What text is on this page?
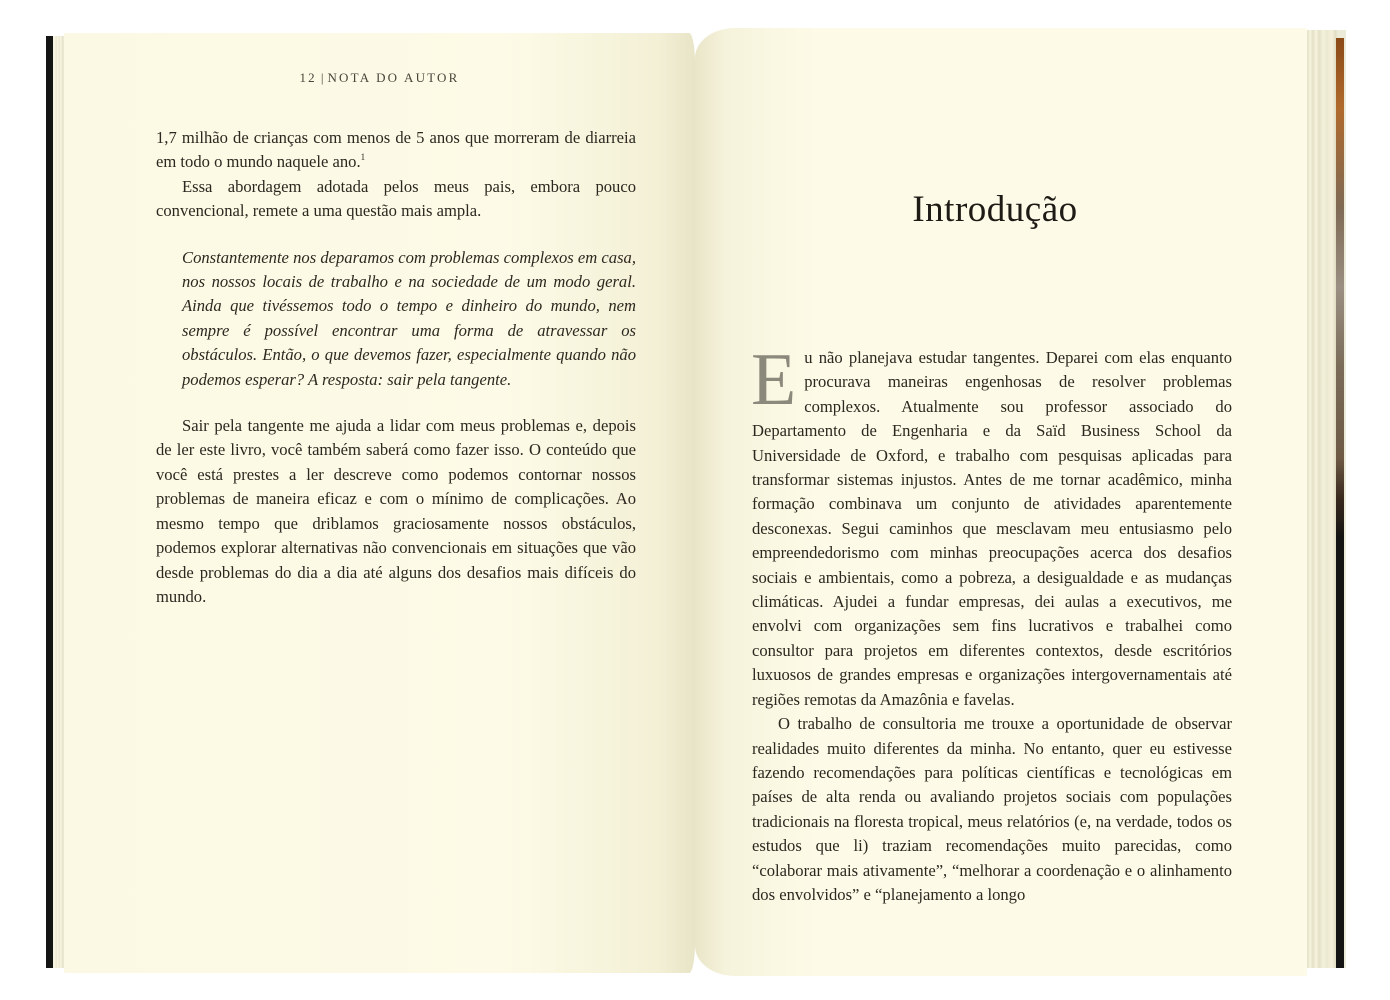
12 | NOTA DO AUTOR

1,7 milhão de crianças com menos de 5 anos que morreram de diarreia em todo o mundo naquele ano.$^1$

Essa abordagem adotada pelos meus pais, embora pouco convencional, remete a uma questão mais ampla.

Constantemente nos deparamos com problemas complexos em casa, nos nossos locais de trabalho e na sociedade de um modo geral. Ainda que tivéssemos todo o tempo e dinheiro do mundo, nem sempre é possível encontrar uma forma de atravessar os obstáculos. Então, o que devemos fazer, especialmente quando não podemos esperar? A resposta: sair pela tangente.

Sair pela tangente me ajuda a lidar com meus problemas e, depois de ler este livro, você também saberá como fazer isso. O conteúdo que você está prestes a ler descreve como podemos contornar nossos problemas de maneira eficaz e com o mínimo de complicações. Ao mesmo tempo que driblamos graciosamente nossos obstáculos, podemos explorar alternativas não convencionais em situações que vão desde problemas do dia a dia até alguns dos desafios mais difíceis do mundo.

Introdução

Eu não planejava estudar tangentes. Deparei com elas enquanto procurava maneiras engenhosas de resolver problemas complexos. Atualmente sou professor associado do Departamento de Engenharia e da Saïd Business School da Universidade de Oxford, e trabalho com pesquisas aplicadas para transformar sistemas injustos. Antes de me tornar acadêmico, minha formação combinava um conjunto de atividades aparentemente desconexas. Segui caminhos que mesclavam meu entusiasmo pelo empreendedorismo com minhas preocupações acerca dos desafios sociais e ambientais, como a pobreza, a desigualdade e as mudanças climáticas. Ajudei a fundar empresas, dei aulas a executivos, me envolvi com organizações sem fins lucrativos e trabalhei como consultor para projetos em diferentes contextos, desde escritórios luxuosos de grandes empresas e organizações intergovernamentais até regiões remotas da Amazônia e favelas.

O trabalho de consultoria me trouxe a oportunidade de observar realidades muito diferentes da minha. No entanto, quer eu estivesse fazendo recomendações para políticas científicas e tecnológicas em países de alta renda ou avaliando projetos sociais com populações tradicionais na floresta tropical, meus relatórios (e, na verdade, todos os estudos que li) traziam recomendações muito parecidas, como “colaborar mais ativamente”, “melhorar a coordenação e o alinhamento dos envolvidos” e “planejamento a longo
